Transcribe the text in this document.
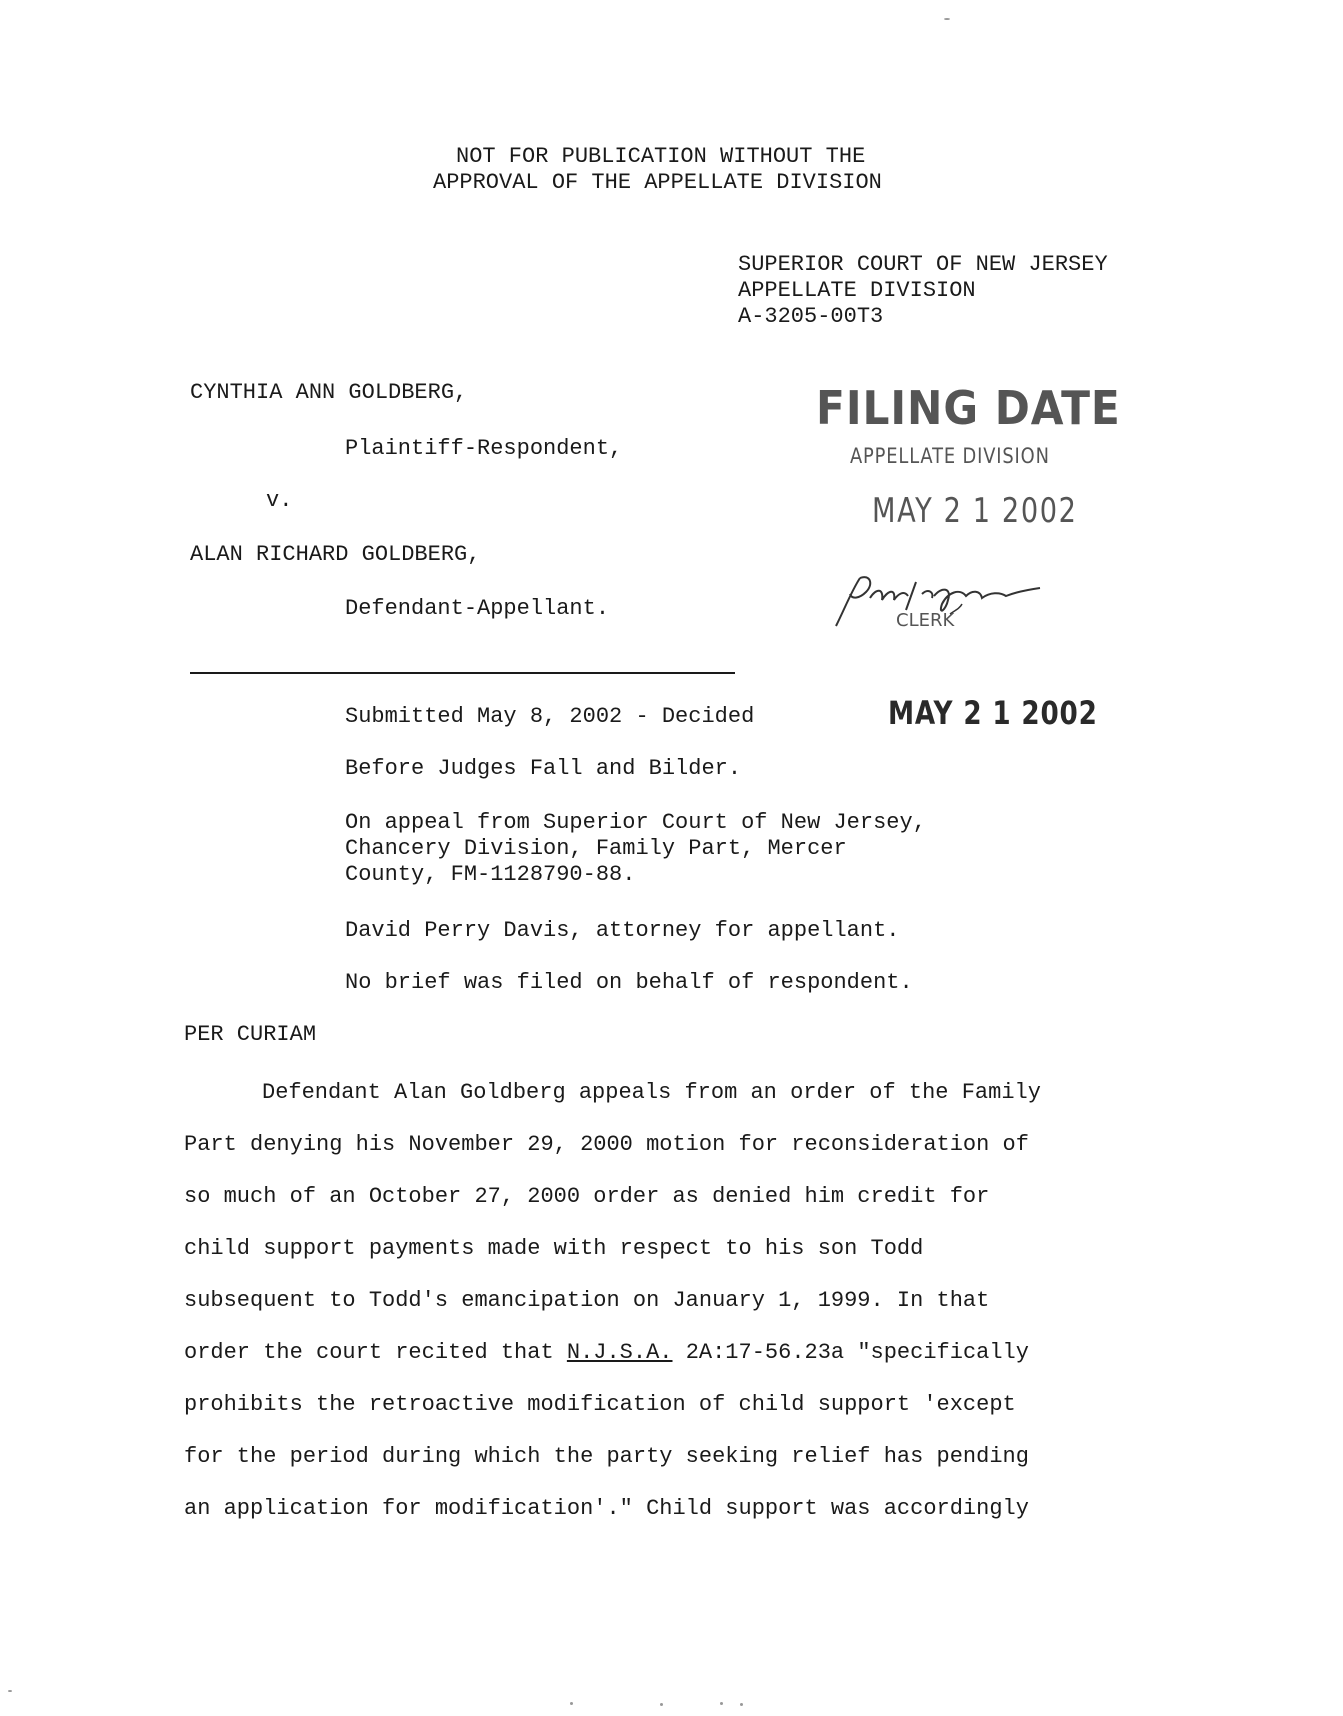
NOT FOR PUBLICATION WITHOUT THE
APPROVAL OF THE APPELLATE DIVISION
SUPERIOR COURT OF NEW JERSEY
APPELLATE DIVISION
A-3205-00T3
CYNTHIA ANN GOLDBERG,
Plaintiff-Respondent,
v.
ALAN RICHARD GOLDBERG,
Defendant-Appellant.
FILING DATE
APPELLATE DIVISION
MAY 2 1 2002
CLERK
Submitted May 8, 2002 - Decided	MAY 2 1 2002
Before Judges Fall and Bilder.
On appeal from Superior Court of New Jersey,
Chancery Division, Family Part, Mercer
County, FM-1128790-88.
David Perry Davis, attorney for appellant.
No brief was filed on behalf of respondent.
PER CURIAM
Defendant Alan Goldberg appeals from an order of the Family
Part denying his November 29, 2000 motion for reconsideration of
so much of an October 27, 2000 order as denied him credit for
child support payments made with respect to his son Todd
subsequent to Todd's emancipation on January 1, 1999. In that
order the court recited that N.J.S.A. 2A:17-56.23a "specifically
prohibits the retroactive modification of child support 'except
for the period during which the party seeking relief has pending
an application for modification'." Child support was accordingly
